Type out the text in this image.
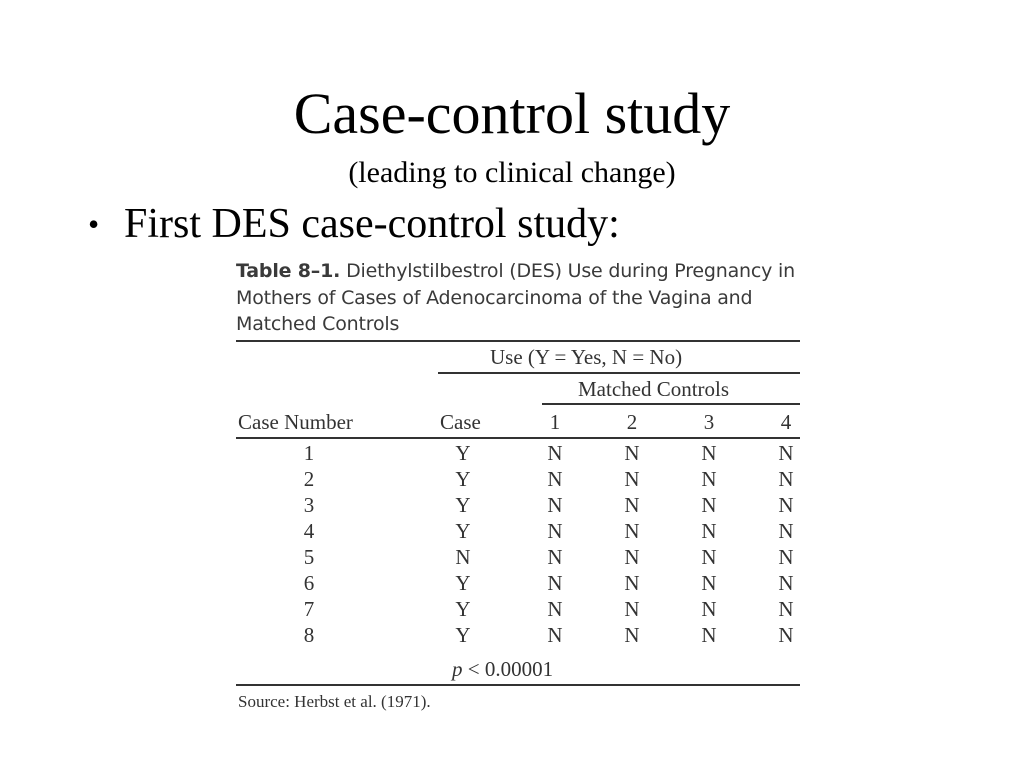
Case-control study
(leading to clinical change)
• First DES case-control study:
Table 8–1. Diethylstilbestrol (DES) Use during Pregnancy in
Mothers of Cases of Adenocarcinoma of the Vagina and
Matched Controls
Use (Y = Yes, N = No)
Matched Controls
Case Number	Case	1	2	3	4
1	Y	N	N	N	N
2	Y	N	N	N	N
3	Y	N	N	N	N
4	Y	N	N	N	N
5	N	N	N	N	N
6	Y	N	N	N	N
7	Y	N	N	N	N
8	Y	N	N	N	N
p < 0.00001
Source: Herbst et al. (1971).
